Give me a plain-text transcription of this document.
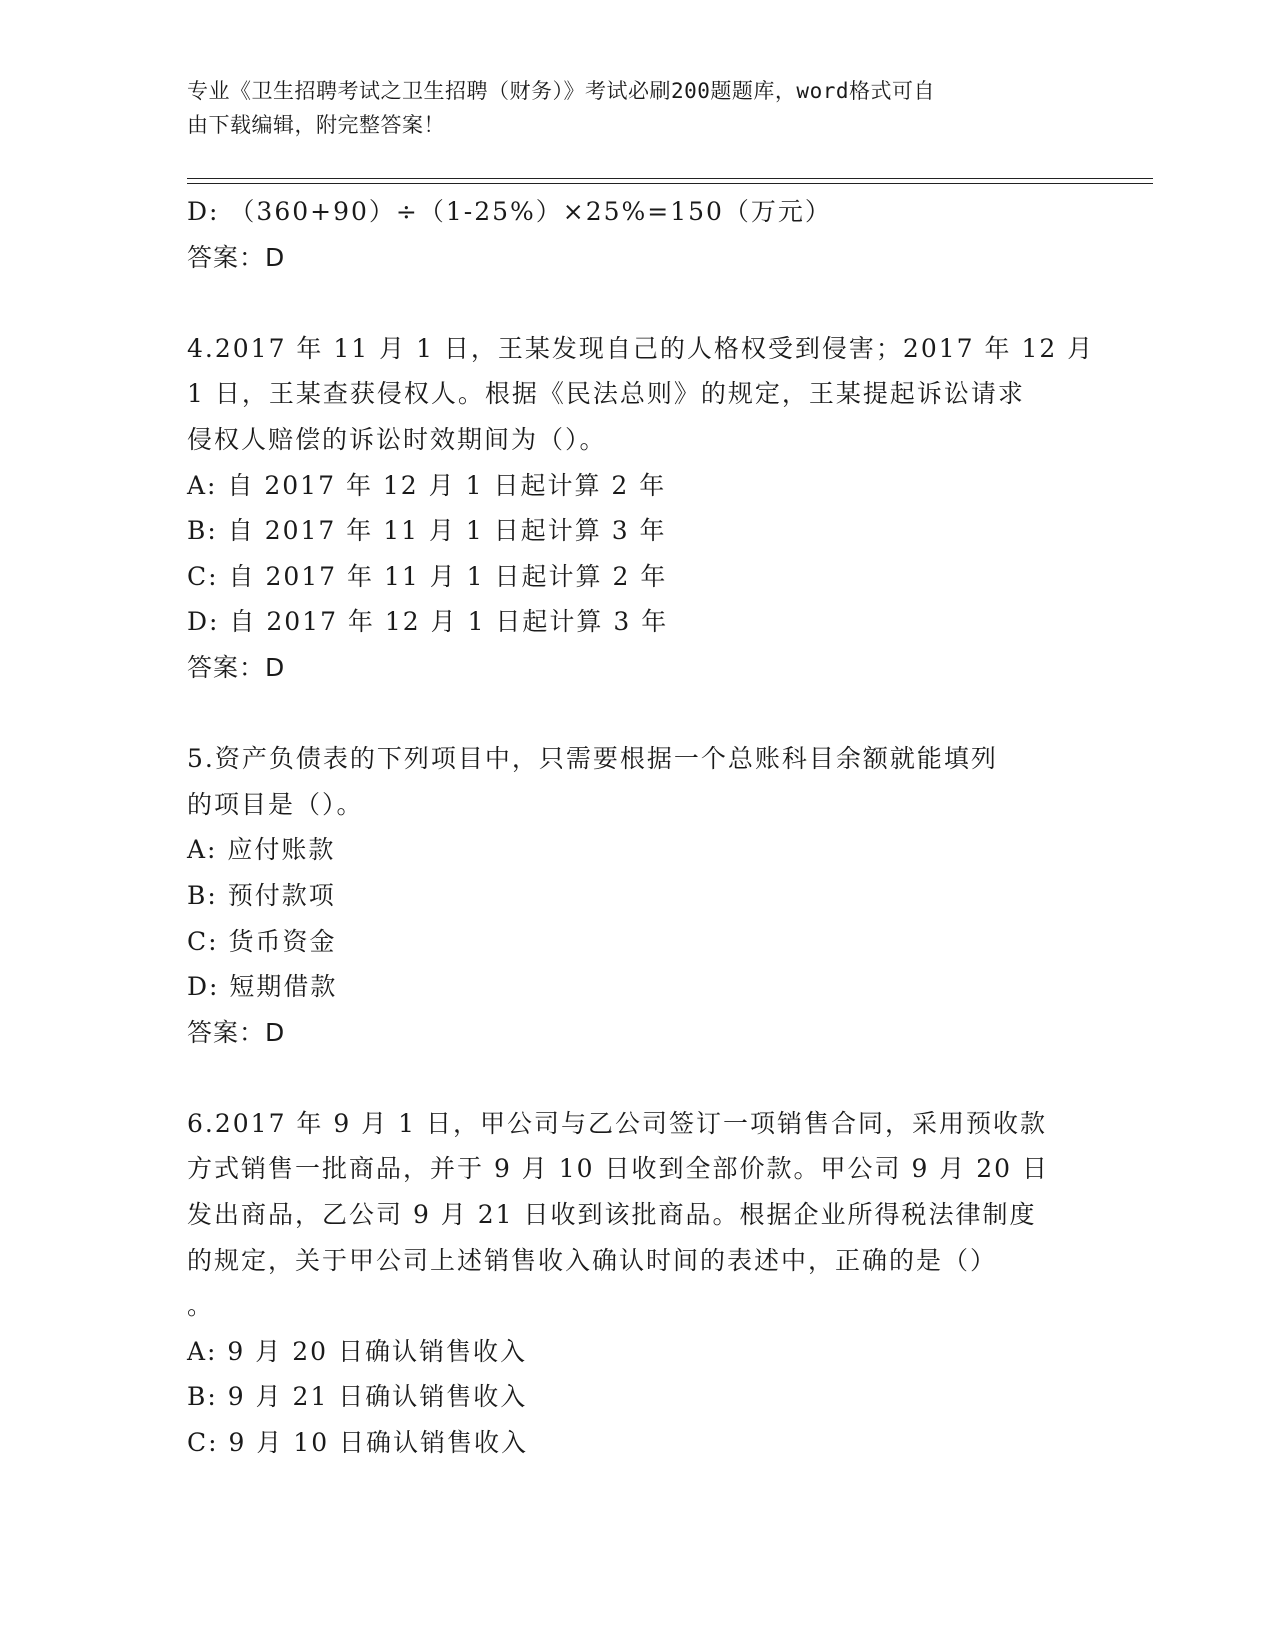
专业《卫生招聘考试之卫生招聘（财务）》考试必刷200题题库，word格式可自
由下载编辑，附完整答案！
D: （360+90）÷（1-25%）×25%=150（万元）
答案：D
4.2017 年 11 月 1 日，王某发现自己的人格权受到侵害；2017 年 12 月
1 日，王某查获侵权人。根据《民法总则》的规定，王某提起诉讼请求
侵权人赔偿的诉讼时效期间为（）。
A: 自 2017 年 12 月 1 日起计算 2 年
B: 自 2017 年 11 月 1 日起计算 3 年
C: 自 2017 年 11 月 1 日起计算 2 年
D: 自 2017 年 12 月 1 日起计算 3 年
答案：D
5.资产负债表的下列项目中，只需要根据一个总账科目余额就能填列
的项目是（）。
A: 应付账款
B: 预付款项
C: 货币资金
D: 短期借款
答案：D
6.2017 年 9 月 1 日，甲公司与乙公司签订一项销售合同，采用预收款
方式销售一批商品，并于 9 月 10 日收到全部价款。甲公司 9 月 20 日
发出商品，乙公司 9 月 21 日收到该批商品。根据企业所得税法律制度
的规定，关于甲公司上述销售收入确认时间的表述中，正确的是（）
。
A: 9 月 20 日确认销售收入
B: 9 月 21 日确认销售收入
C: 9 月 10 日确认销售收入
